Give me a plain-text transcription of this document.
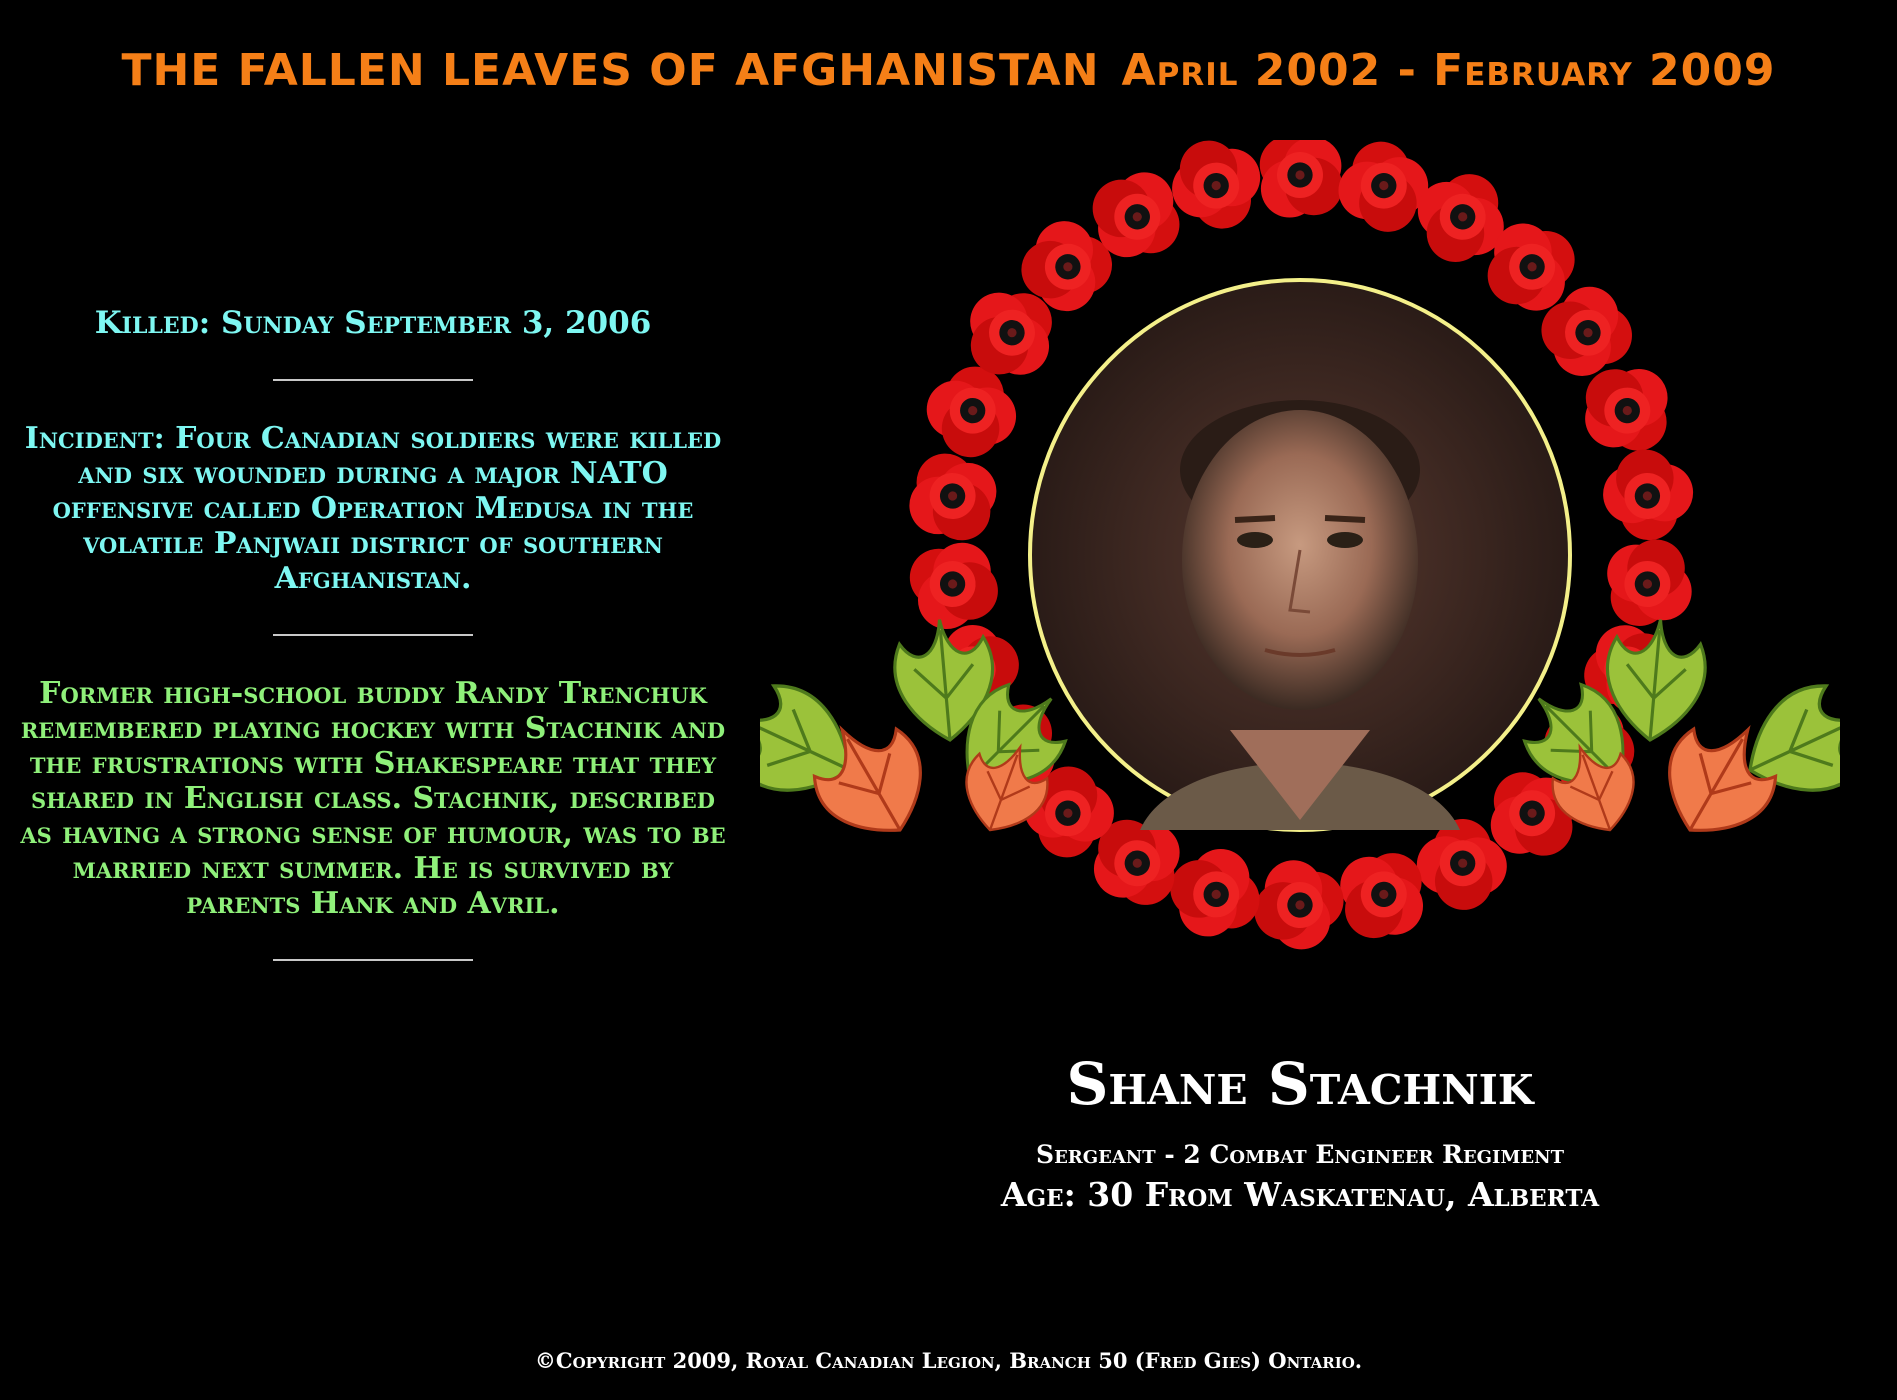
THE FALLEN LEAVES OF AFGHANISTAN April 2002 - February 2009

Killed: Sunday September 3, 2006

Incident: Four Canadian soldiers were killed and six wounded during a major NATO offensive called Operation Medusa in the volatile Panjwaii district of southern Afghanistan.

Former high-school buddy Randy Trenchuk remembered playing hockey with Stachnik and the frustrations with Shakespeare that they shared in English class. Stachnik, described as having a strong sense of humour, was to be married next summer. He is survived by parents Hank and Avril.

Shane Stachnik

Sergeant - 2 Combat Engineer Regiment

Age: 30 From Waskatenau, Alberta

©Copyright 2009, Royal Canadian Legion, Branch 50 (Fred Gies) Ontario.
